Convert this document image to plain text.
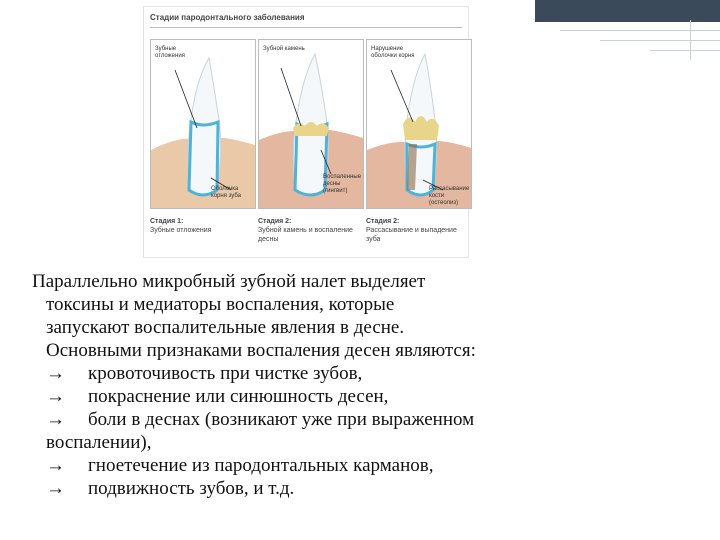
Стадии пародонтального заболевания
Зубные отложения
Оболочка корня зуба
Зубной камень
Воспаленные десны (гингвит)
Нарушение оболочки корня
Рассасывание кости (остеолиз)
Стадия 1:
Зубные отложения
Стадия 2:
Зубной камень и воспаление десны
Стадия 2:
Рассасывание и выпадение зуба
Параллельно микробный зубной налет выделяет
токсины и медиаторы воспаления, которые
запускают воспалительные явления в десне.
Основными признаками воспаления десен являются:
→ кровоточивость при чистке зубов,
→ покраснение или синюшность десен,
→ боли в деснах (возникают уже при выраженном
воспалении),
→ гноетечение из пародонтальных карманов,
→ подвижность зубов, и т.д.
